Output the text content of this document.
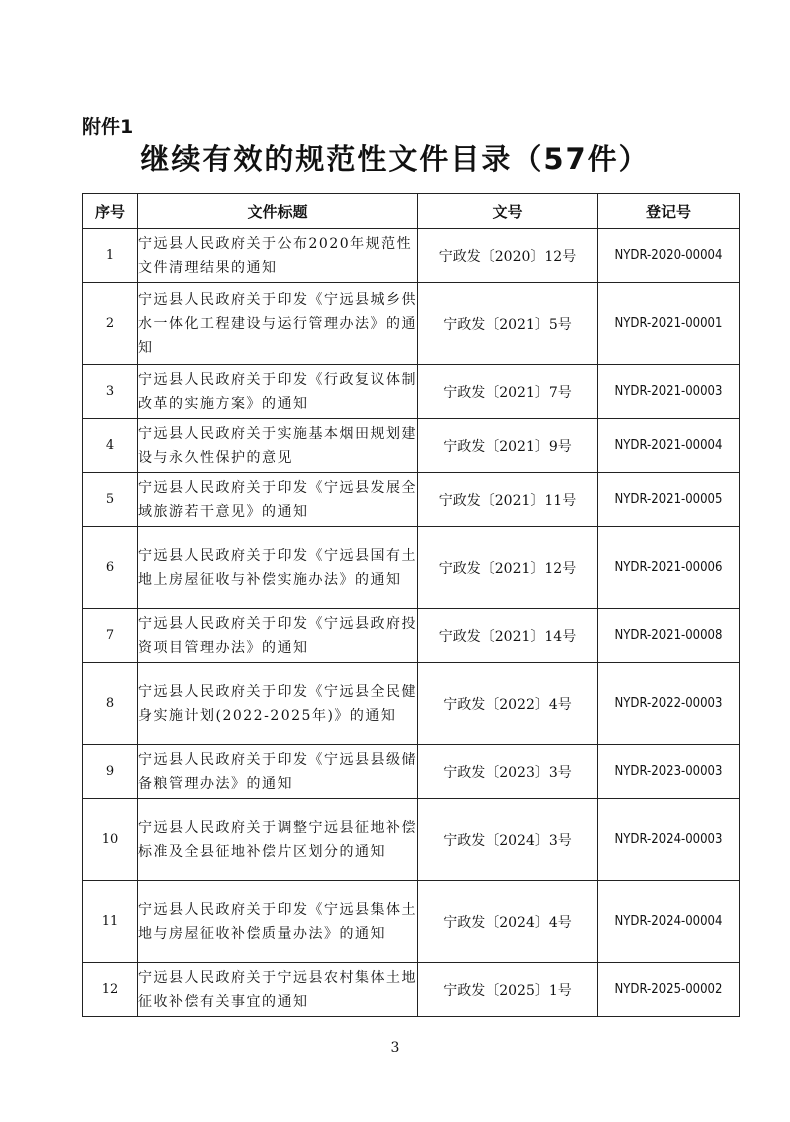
附件1
继续有效的规范性文件目录（57件）
序号	文件标题	文号	登记号
1	宁远县人民政府关于公布2020年规范性文件清理结果的通知	宁政发〔2020〕12号	NYDR-2020-00004
2	宁远县人民政府关于印发《宁远县城乡供水一体化工程建设与运行管理办法》的通知	宁政发〔2021〕5号	NYDR-2021-00001
3	宁远县人民政府关于印发《行政复议体制改革的实施方案》的通知	宁政发〔2021〕7号	NYDR-2021-00003
4	宁远县人民政府关于实施基本烟田规划建设与永久性保护的意见	宁政发〔2021〕9号	NYDR-2021-00004
5	宁远县人民政府关于印发《宁远县发展全域旅游若干意见》的通知	宁政发〔2021〕11号	NYDR-2021-00005
6	宁远县人民政府关于印发《宁远县国有土地上房屋征收与补偿实施办法》的通知	宁政发〔2021〕12号	NYDR-2021-00006
7	宁远县人民政府关于印发《宁远县政府投资项目管理办法》的通知	宁政发〔2021〕14号	NYDR-2021-00008
8	宁远县人民政府关于印发《宁远县全民健身实施计划(2022-2025年)》的通知	宁政发〔2022〕4号	NYDR-2022-00003
9	宁远县人民政府关于印发《宁远县县级储备粮管理办法》的通知	宁政发〔2023〕3号	NYDR-2023-00003
10	宁远县人民政府关于调整宁远县征地补偿标准及全县征地补偿片区划分的通知	宁政发〔2024〕3号	NYDR-2024-00003
11	宁远县人民政府关于印发《宁远县集体土地与房屋征收补偿质量办法》的通知	宁政发〔2024〕4号	NYDR-2024-00004
12	宁远县人民政府关于宁远县农村集体土地征收补偿有关事宜的通知	宁政发〔2025〕1号	NYDR-2025-00002
3
